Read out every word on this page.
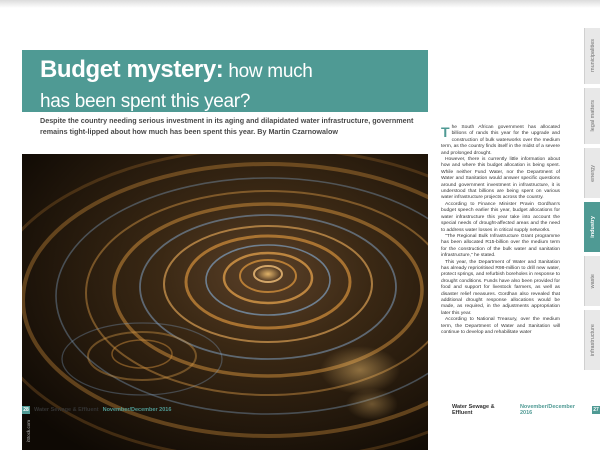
Budget mystery: how much
has been spent this year?

Despite the country needing serious investment in its aging and dilapidated water infrastructure, government remains tight-lipped about how much has been spent this year. By Martin Czarnowalow

iStock.com

The South African government has allocated billions of rands this year for the upgrade and construction of bulk waterworks over the medium term, as the country finds itself in the midst of a severe and prolonged drought.

However, there is currently little information about how and where this budget allocation is being spent. While neither Fund Water, nor the Department of Water and Sanitation would answer specific questions around government investment in infrastructure, it is understood that billions are being spent on various water infrastructure projects across the country.

According to Finance Minister Pravin Gordhan's budget speech earlier this year, budget allocations for water infrastructure this year take into account the special needs of drought-affected areas and the need to address water losses in critical supply networks.

"The Regional Bulk Infrastructure Grant programme has been allocated R15-billion over the medium term for the construction of the bulk water and sanitation infrastructure," he stated.

This year, the Department of Water and Sanitation has already reprioritised R98-million to drill new water, protect springs, and refurbish boreholes in response to drought conditions. Funds have also been provided for food and support for livestock farmers, as well as disaster relief measures. Gordhan also revealed that additional drought response allocations would be made, as required, in the adjustments appropriation later this year.

According to National Treasury, over the medium term, the Department of Water and Sanitation will continue to develop and rehabilitate water

municipalities
legal matters
energy
industry
waste
infrastructure
28 Water Sewage & Effluent November/December 2016	Water Sewage & Effluent
November/December 2016	27
